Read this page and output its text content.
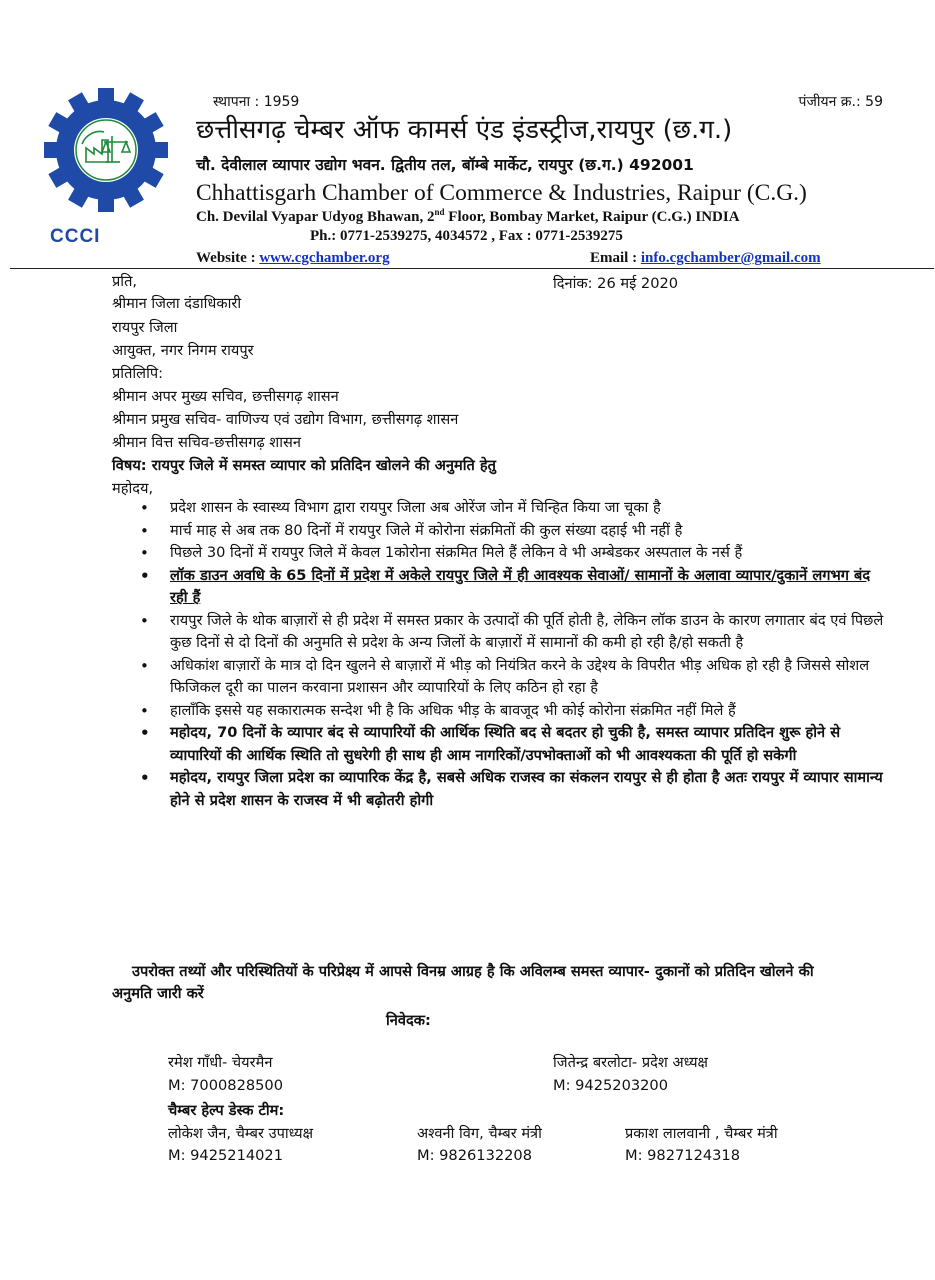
CCCI
स्थापना : 1959	पंजीयन क्र.: 59
छत्तीसगढ़ चेम्बर ऑफ कामर्स एंड इंडस्ट्रीज,रायपुर (छ.ग.)
चौ. देवीलाल व्यापार उद्योग भवन. द्वितीय तल, बॉम्बे मार्केट, रायपुर (छ.ग.) 492001
Chhattisgarh Chamber of Commerce & Industries, Raipur (C.G.)
Ch. Devilal Vyapar Udyog Bhawan, 2nd Floor, Bombay Market, Raipur (C.G.) INDIA
Ph.: 0771-2539275, 4034572 , Fax : 0771-2539275
Website : www.cgchamber.org	Email : info.cgchamber@gmail.com
प्रति,	दिनांक: 26 मई 2020
श्रीमान जिला दंडाधिकारी
रायपुर जिला
आयुक्त, नगर निगम रायपुर
प्रतिलिपि:
श्रीमान अपर मुख्य सचिव, छत्तीसगढ़ शासन
श्रीमान प्रमुख सचिव- वाणिज्य एवं उद्योग विभाग, छत्तीसगढ़ शासन
श्रीमान वित्त सचिव-छत्तीसगढ़ शासन
विषय: रायपुर जिले में समस्त व्यापार को प्रतिदिन खोलने की अनुमति हेतु
महोदय,
• प्रदेश शासन के स्वास्थ्य विभाग द्वारा रायपुर जिला अब ओरेंज जोन में चिन्हित किया जा चूका है
• मार्च माह से अब तक 80 दिनों में रायपुर जिले में कोरोना संक्रमितों की कुल संख्या दहाई भी नहीं है
• पिछले 30 दिनों में रायपुर जिले में केवल 1कोरोना संक्रमित मिले हैं लेकिन वे भी अम्बेडकर अस्पताल के नर्स हैं
• लॉक डाउन अवधि के 65 दिनों में प्रदेश में अकेले रायपुर जिले में ही आवश्यक सेवाओं/ सामानों के अलावा व्यापार/दुकानें लगभग बंद रही हैं
• रायपुर जिले के थोक बाज़ारों से ही प्रदेश में समस्त प्रकार के उत्पादों की पूर्ति होती है, लेकिन लॉक डाउन के कारण लगातार बंद एवं पिछले कुछ दिनों से दो दिनों की अनुमति से प्रदेश के अन्य जिलों के बाज़ारों में सामानों की कमी हो रही है/हो सकती है
• अधिकांश बाज़ारों के मात्र दो दिन खुलने से बाज़ारों में भीड़ को नियंत्रित करने के उद्देश्य के विपरीत भीड़ अधिक हो रही है जिससे सोशल फिजिकल दूरी का पालन करवाना प्रशासन और व्यापारियों के लिए कठिन हो रहा है
• हालाँकि इससे यह सकारात्मक सन्देश भी है कि अधिक भीड़ के बावजूद भी कोई कोरोना संक्रमित नहीं मिले हैं
• महोदय, 70 दिनों के व्यापार बंद से व्यापारियों की आर्थिक स्थिति बद से बदतर हो चुकी है, समस्त व्यापार प्रतिदिन शुरू होने से व्यापारियों की आर्थिक स्थिति तो सुधरेगी ही साथ ही आम नागरिकों/उपभोक्ताओं को भी आवश्यकता की पूर्ति हो सकेगी
• महोदय, रायपुर जिला प्रदेश का व्यापारिक केंद्र है, सबसे अधिक राजस्व का संकलन रायपुर से ही होता है अतः रायपुर में व्यापार सामान्य होने से प्रदेश शासन के राजस्व में भी बढ़ोतरी होगी
उपरोक्त तथ्यों और परिस्थितियों के परिप्रेक्ष्य में आपसे विनम्र आग्रह है कि अविलम्ब समस्त व्यापार- दुकानों को प्रतिदिन खोलने की अनुमति जारी करें
निवेदक:
रमेश गाँधी- चेयरमैन
M: 7000828500
जितेन्द्र बरलोटा- प्रदेश अध्यक्ष
M: 9425203200
चैम्बर हेल्प डेस्क टीम:
लोकेश जैन, चैम्बर उपाध्यक्ष
M: 9425214021
अश्वनी विग, चैम्बर मंत्री
M: 9826132208
प्रकाश लालवानी , चैम्बर मंत्री
M: 9827124318
